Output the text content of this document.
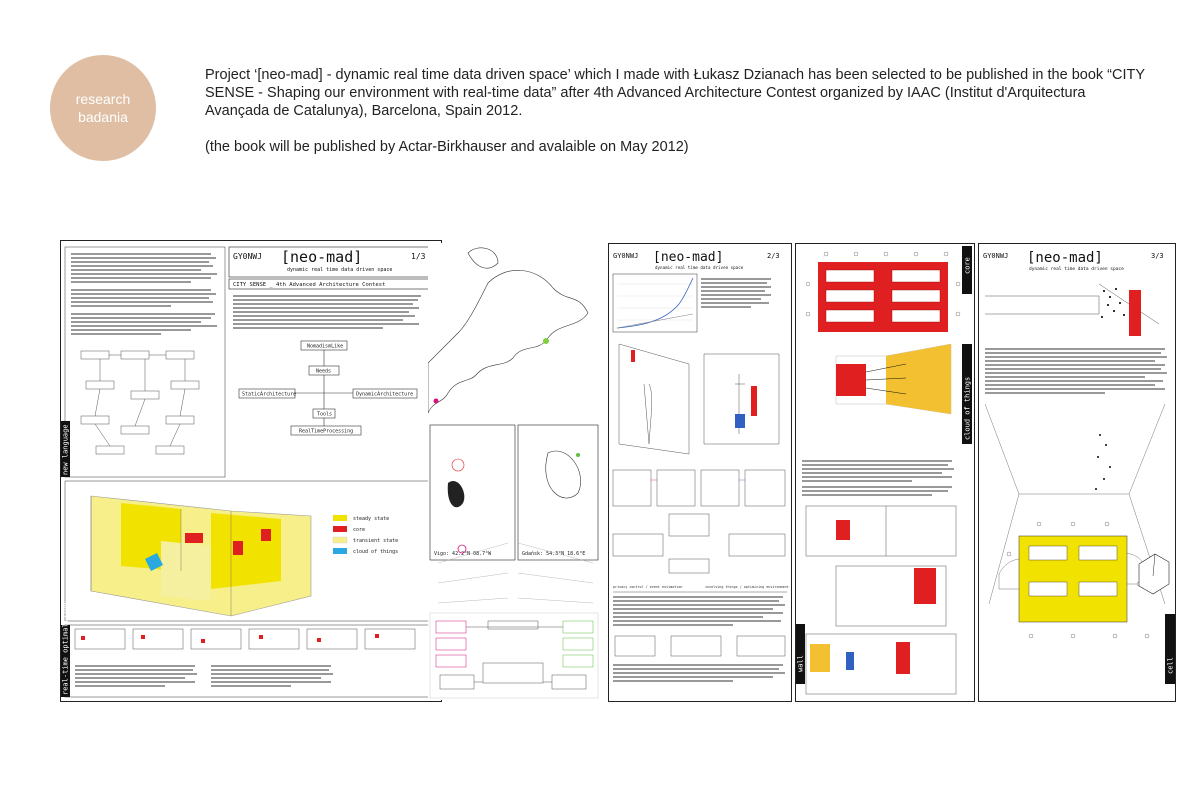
research
badania

Project ‘[neo-mad] - dynamic real time data driven space’ which I made with Łukasz Dzianach has been selected to be published in the book “CITY SENSE - Shaping our environment with real-time data” after 4th Advanced Architecture Contest organized by IAAC (Institut d'Arquitectura Avançada de Catalunya), Barcelona, Spain 2012.

(the book will be published by Actar-Birkhauser and avalaible on May 2012)

new language
GY0NWJ [neo-mad]	1/3
dynamic real time data driven space
CITY SENSE _ 4th Advanced Architecture Contest
NomadismLike
Needs
StaticArchitecture	DynamicArchitecture
Tools
RealTimeProcessing
steady state
core
transient state
cloud of things
real-time optimalizing
Vigo: 42.2°N 08.7°W	Gdańsk: 54.3°N 18.6°E
GY0NWJ [neo-mad]	2/3
dynamic real time data driven space
privacy control / event estimation	involving things / optimizing environment
core
cloud of things
wall
GY0NWJ [neo-mad]	3/3
dynamic real time data driven space
cell
